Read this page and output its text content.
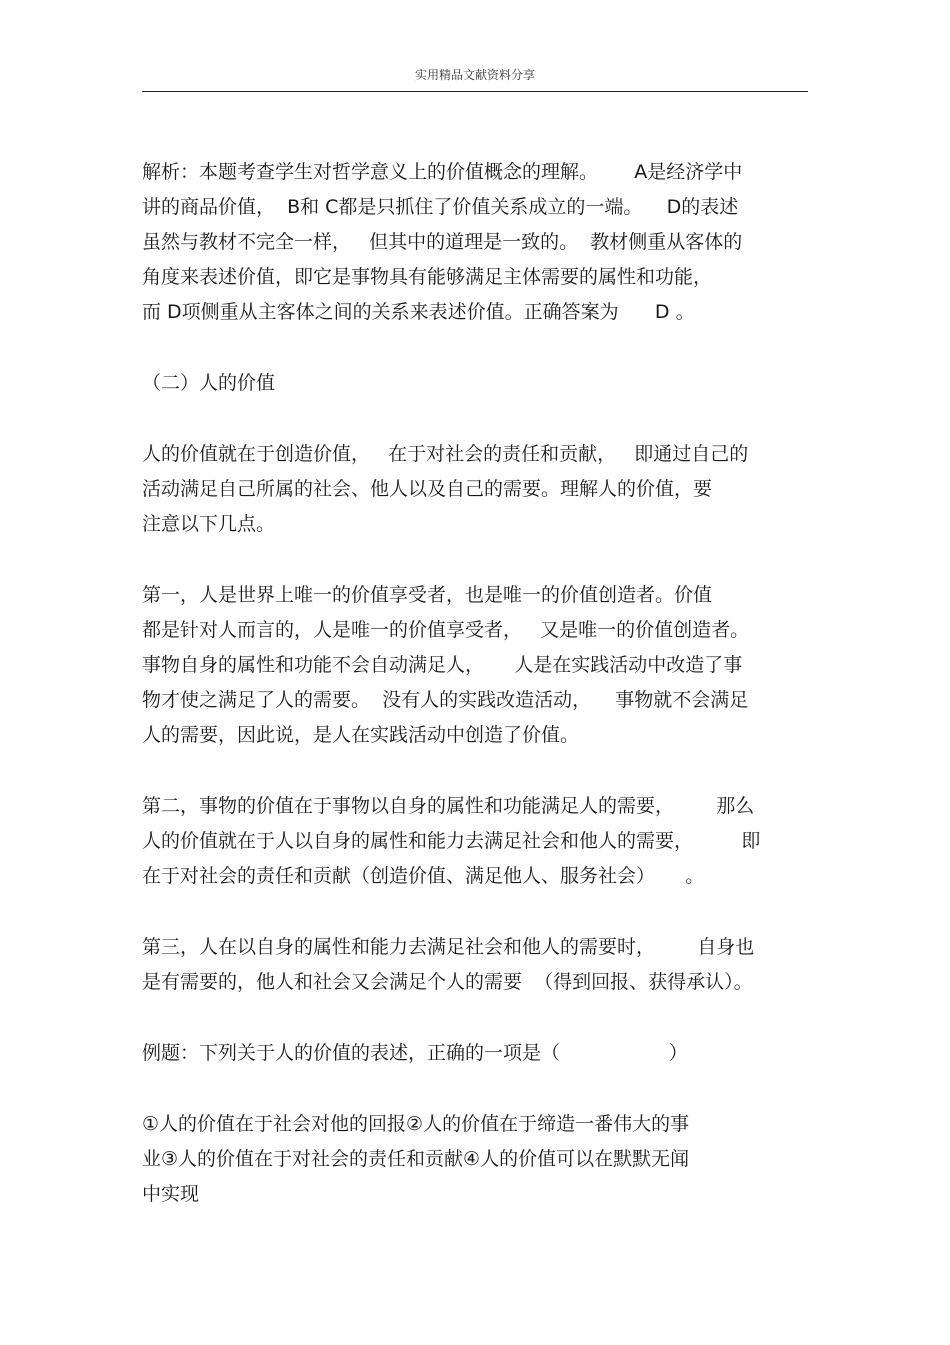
实用精品文献资料分享
解析：本题考查学生对哲学意义上的价值概念的理解。      A是经济学中
讲的商品价值，  B和 C都是只抓住了价值关系成立的一端。    D的表述
虽然与教材不完全一样，   但其中的道理是一致的。  教材侧重从客体的
角度来表述价值，即它是事物具有能够满足主体需要的属性和功能，
而 D项侧重从主客体之间的关系来表述价值。正确答案为      D 。
（二）人的价值
人的价值就在于创造价值，   在于对社会的责任和贡献，   即通过自己的
活动满足自己所属的社会、他人以及自己的需要。理解人的价值，要
注意以下几点。
第一，人是世界上唯一的价值享受者，也是唯一的价值创造者。价值
都是针对人而言的，人是唯一的价值享受者，   又是唯一的价值创造者。
事物自身的属性和功能不会自动满足人，     人是在实践活动中改造了事
物才使之满足了人的需要。  没有人的实践改造活动，    事物就不会满足
人的需要，因此说，是人在实践活动中创造了价值。
第二，事物的价值在于事物以自身的属性和功能满足人的需要，       那么
人的价值就在于人以自身的属性和能力去满足社会和他人的需要，        即
在于对社会的责任和贡献（创造价值、满足他人、服务社会）     。
第三，人在以自身的属性和能力去满足社会和他人的需要时，       自身也
是有需要的，他人和社会又会满足个人的需要  （得到回报、获得承认）。
例题：下列关于人的价值的表述，正确的一项是（                  ）
①人的价值在于社会对他的回报②人的价值在于缔造一番伟大的事
业③人的价值在于对社会的责任和贡献④人的价值可以在默默无闻
中实现
